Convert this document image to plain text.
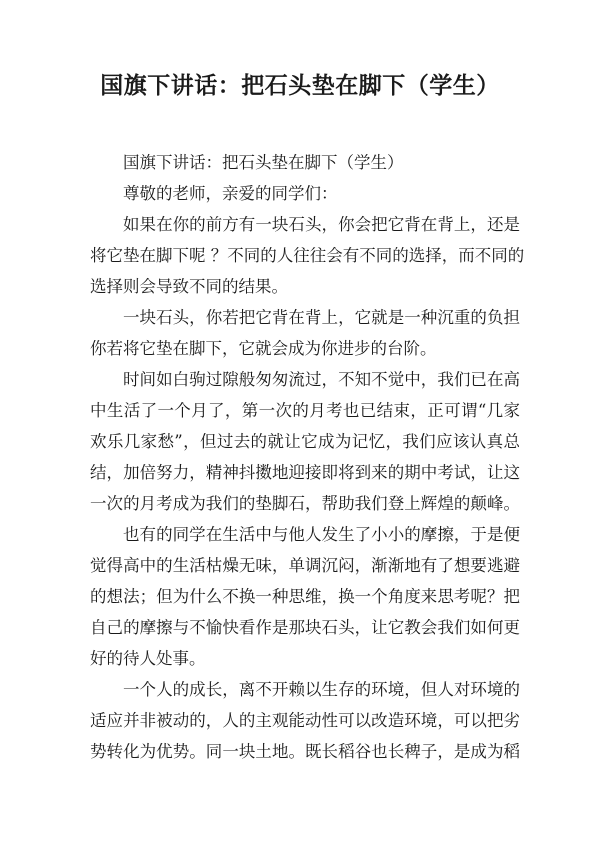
国旗下讲话：把石头垫在脚下（学生）
国旗下讲话：把石头垫在脚下（学生）
尊敬的老师，亲爱的同学们：
如果在你的前方有一块石头，你会把它背在背上，还是
将它垫在脚下呢 ？不同的人往往会有不同的选择，而不同的
选择则会导致不同的结果。
一块石头，你若把它背在背上，它就是一种沉重的负担
你若将它垫在脚下，它就会成为你进步的台阶。
时间如白驹过隙般匆匆流过，不知不觉中，我们已在高
中生活了一个月了，第一次的月考也已结束，正可谓“几家
欢乐几家愁”，但过去的就让它成为记忆，我们应该认真总
结，加倍努力，精神抖擞地迎接即将到来的期中考试，让这
一次的月考成为我们的垫脚石，帮助我们登上辉煌的颠峰。
也有的同学在生活中与他人发生了小小的摩擦，于是便
觉得高中的生活枯燥无味，单调沉闷，渐渐地有了想要逃避
的想法；但为什么不换一种思维，换一个角度来思考呢？把
自己的摩擦与不愉快看作是那块石头，让它教会我们如何更
好的待人处事。
一个人的成长，离不开赖以生存的环境，但人对环境的
适应并非被动的，人的主观能动性可以改造环境，可以把劣
势转化为优势。同一块土地。既长稻谷也长稗子，是成为稻
